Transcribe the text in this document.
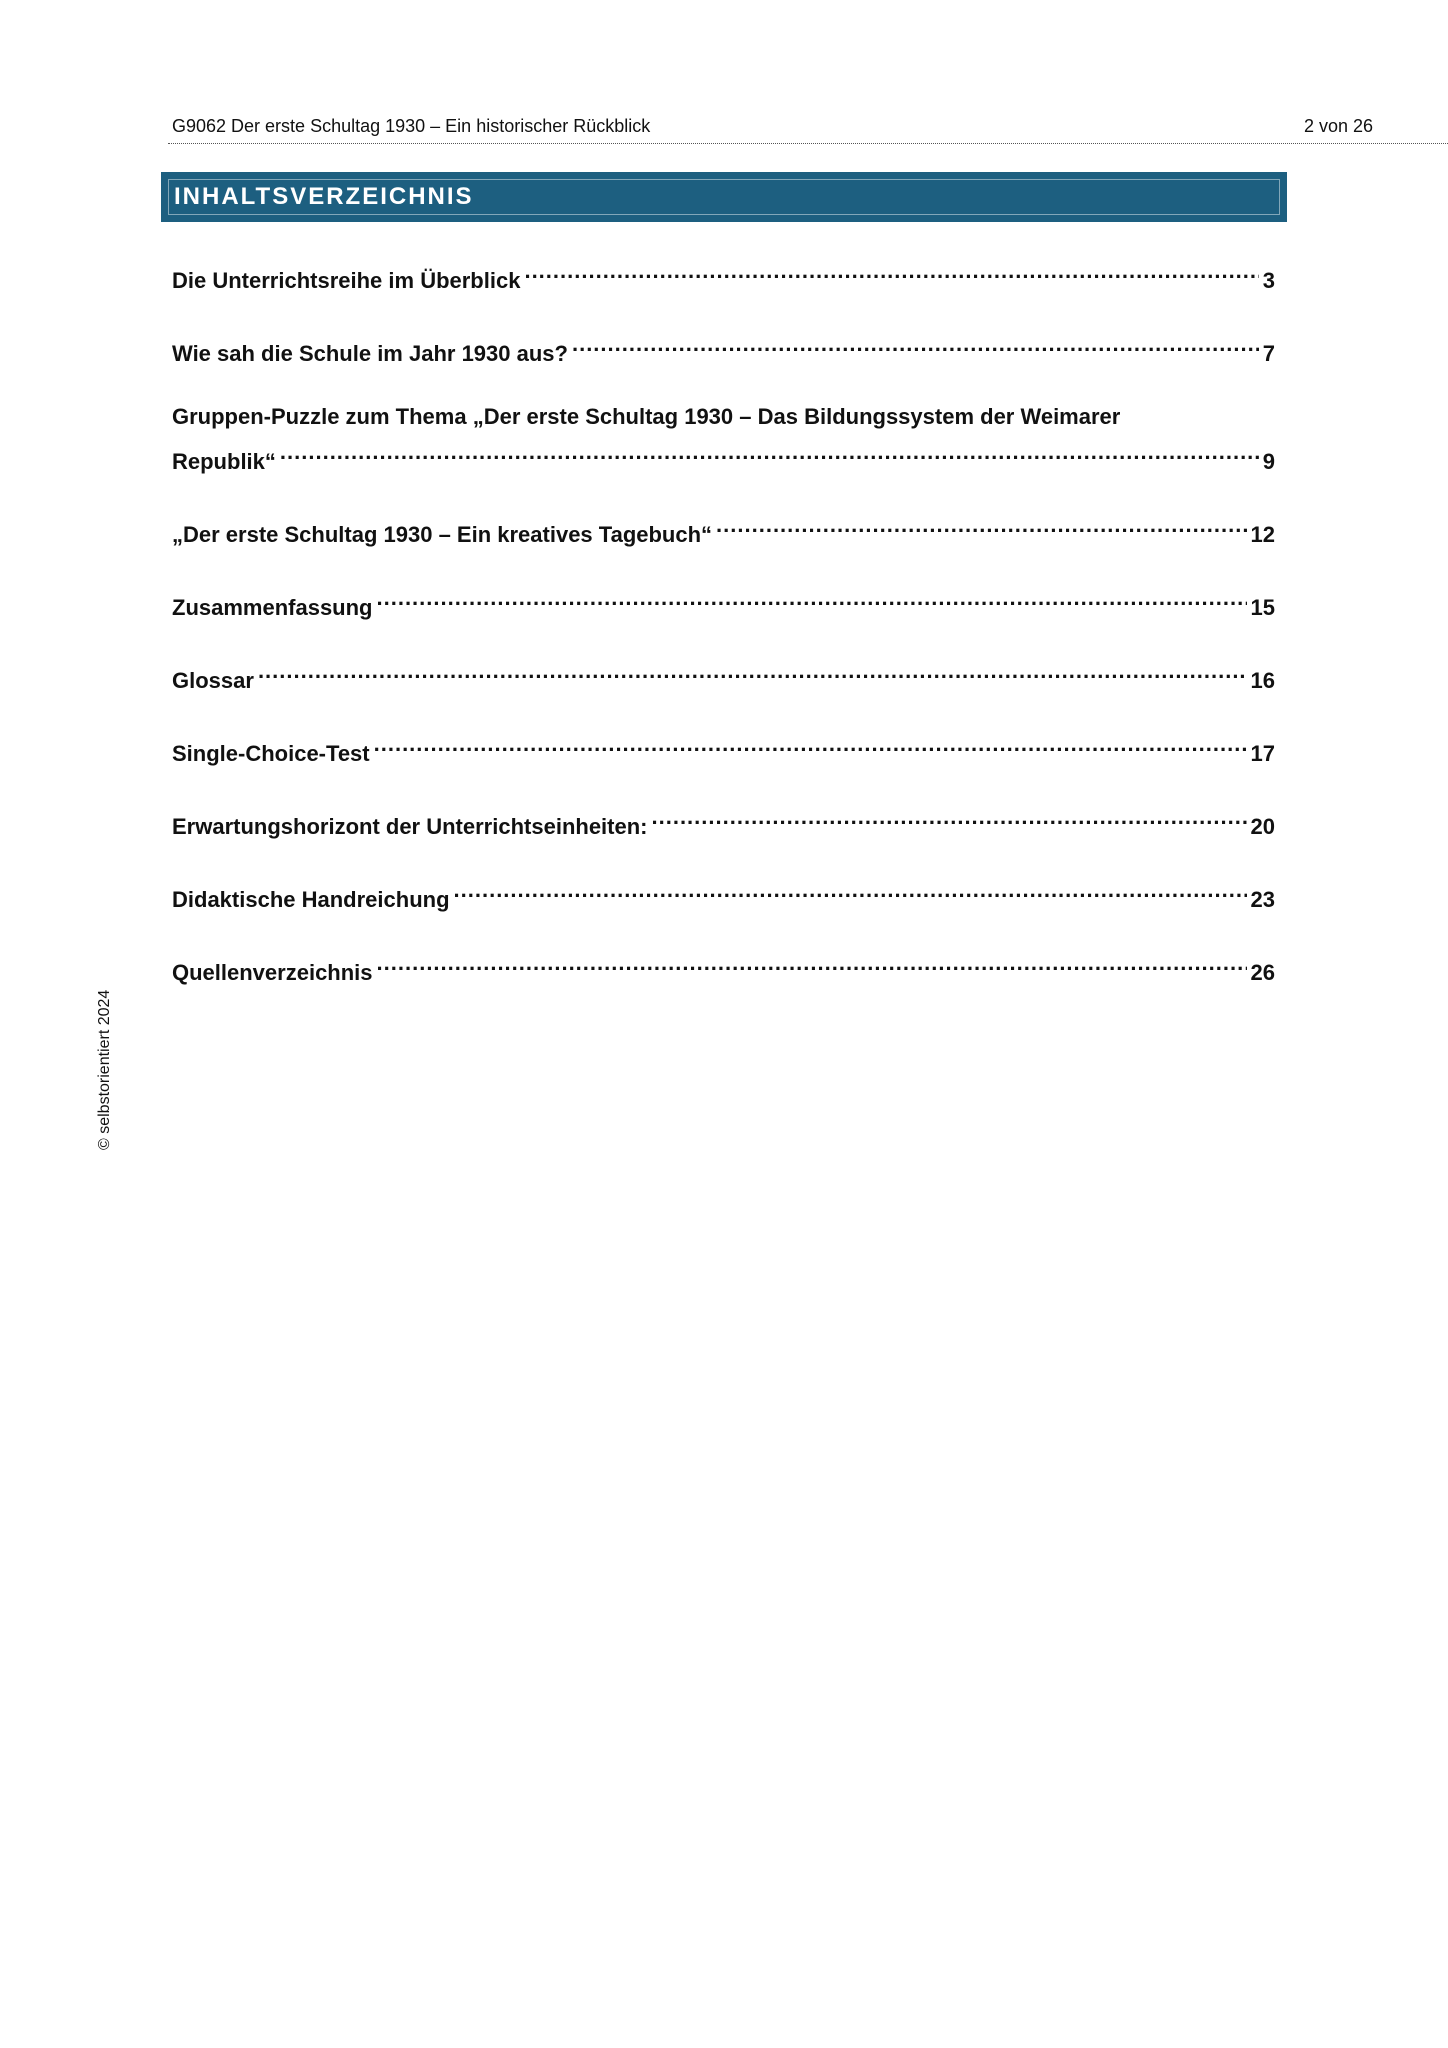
G9062 Der erste Schultag 1930 – Ein historischer Rückblick	2 von 26
INHALTSVERZEICHNIS
Die Unterrichtsreihe im Überblick .....	3
Wie sah die Schule im Jahr 1930 aus? .....	7
Gruppen-Puzzle zum Thema „Der erste Schultag 1930 – Das Bildungssystem der Weimarer
Republik“ .....	9
„Der erste Schultag 1930 – Ein kreatives Tagebuch“ .....	12
Zusammenfassung .....	15
Glossar .....	16
Single-Choice-Test .....	17
Erwartungshorizont der Unterrichtseinheiten: .....	20
Didaktische Handreichung .....	23
Quellenverzeichnis .....	26
© selbstorientiert 2024
